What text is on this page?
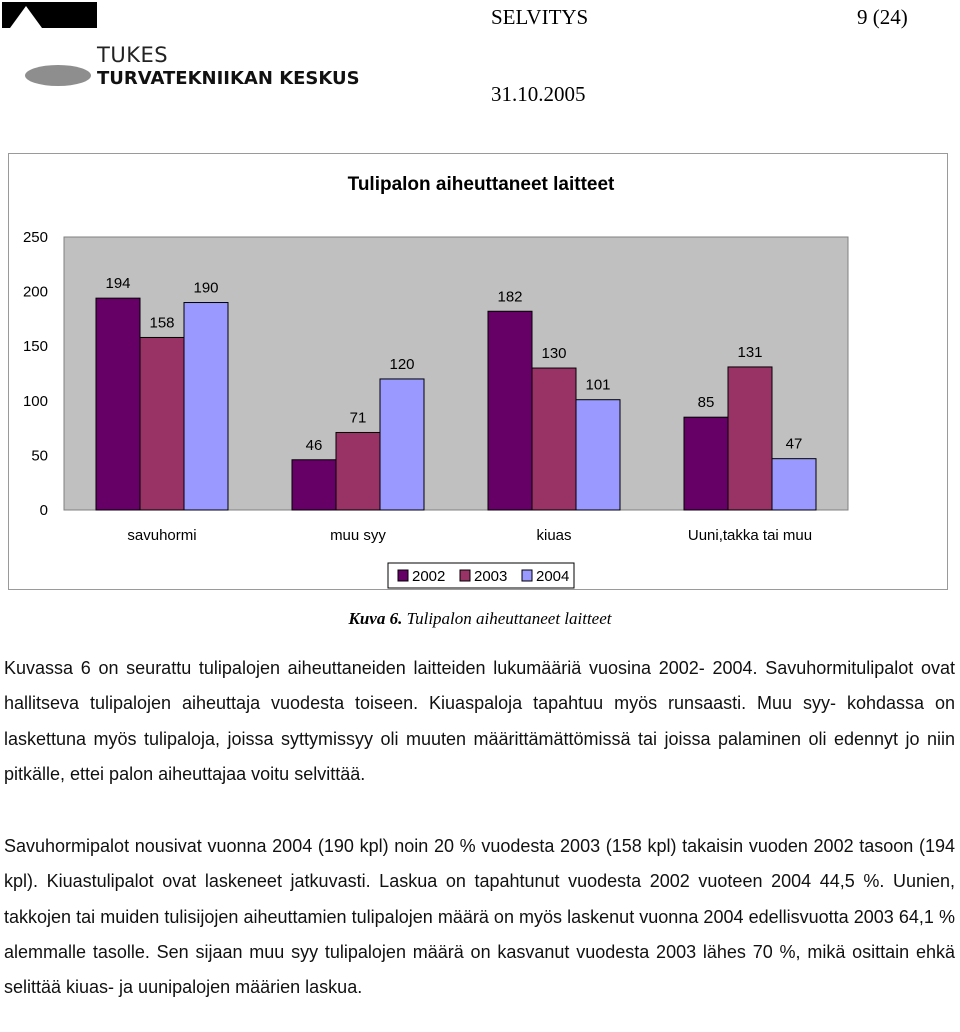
TUKES
TURVATEKNIIKAN KESKUS
SELVITYS	9 (24)
31.10.2005
Tulipalon aiheuttaneet laitteet
0
50
100
150
200
250
194
158
190
savuhormi
46
71
120
muu syy
182
130
101
kiuas
85
131
47
Uuni,takka tai muu
2002 2003 2004
Kuva 6. Tulipalon aiheuttaneet laitteet
Kuvassa 6 on seurattu tulipalojen aiheuttaneiden laitteiden lukumääriä vuosina 2002- 2004. Savuhormitulipalot ovat hallitseva tulipalojen aiheuttaja vuodesta toiseen. Kiuaspaloja tapahtuu myös runsaasti. Muu syy- kohdassa on laskettuna myös tulipaloja, joissa syttymissyy oli muuten määrittämättömissä tai joissa palaminen oli edennyt jo niin pitkälle, ettei palon aiheuttajaa voitu selvittää.
Savuhormipalot nousivat vuonna 2004 (190 kpl) noin 20 % vuodesta 2003 (158 kpl) takaisin vuoden 2002 tasoon (194 kpl). Kiuastulipalot ovat laskeneet jatkuvasti. Laskua on tapahtunut vuodesta 2002 vuoteen 2004 44,5 %. Uunien, takkojen tai muiden tulisijojen aiheuttamien tulipalojen määrä on myös laskenut vuonna 2004 edellisvuotta 2003 64,1 % alemmalle tasolle. Sen sijaan muu syy tulipalojen määrä on kasvanut vuodesta 2003 lähes 70 %, mikä osittain ehkä selittää kiuas- ja uunipalojen määrien laskua.
